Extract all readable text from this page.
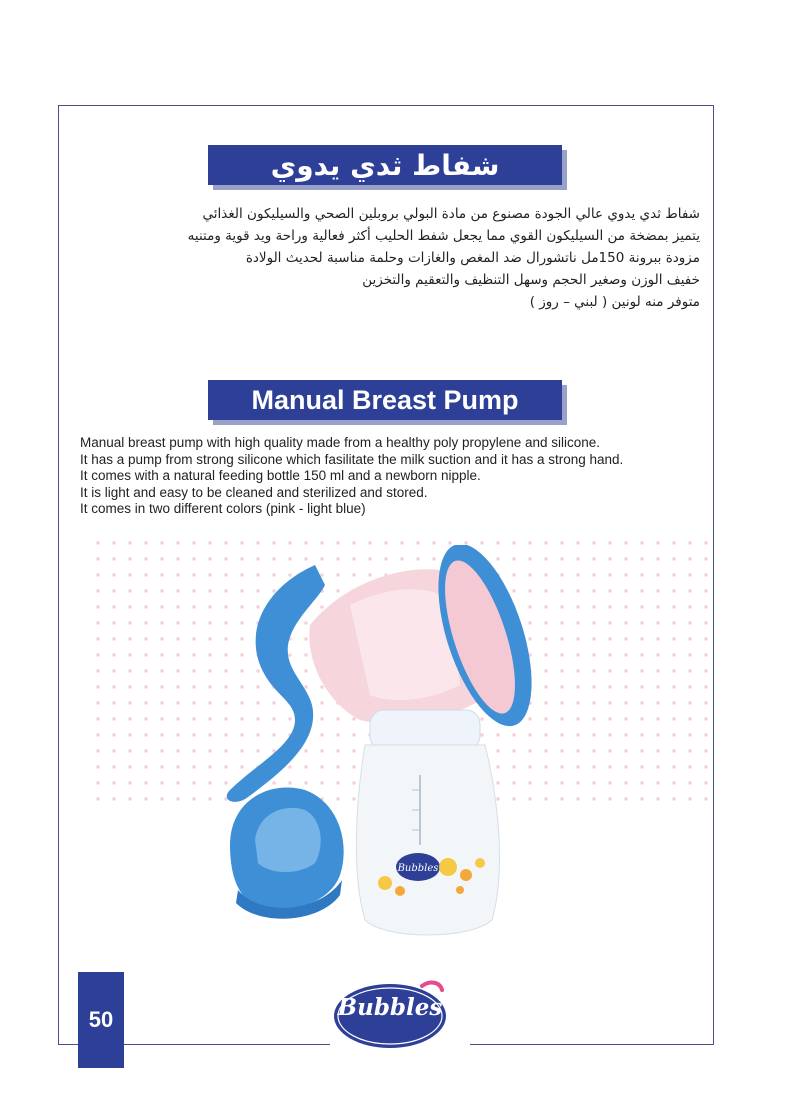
شفاط ثدي يدوي
شفاط ثدي يدوي عالي الجودة مصنوع من مادة البولي بروبلين الصحي والسيليكون الغذائي
يتميز بمضخة من السيليكون القوي مما يجعل شفط الحليب أكثر فعالية وراحة ويد قوية ومتنيه
مزودة ببرونة 150مل ناتشورال ضد المغص والغازات وحلمة مناسبة لحديث الولادة
خفيف الوزن وصغير الحجم وسهل التنظيف والتعقيم والتخزين
متوفر منه لونين ( لبني – روز )
Manual Breast Pump
Manual breast pump with high quality made from a healthy poly propylene and silicone.
It has a pump from strong silicone which fasilitate the milk suction and it has a strong hand.
It comes with a natural feeding bottle 150 ml and a newborn nipple.
It is light and easy to be cleaned and sterilized and stored.
It comes in two different colors (pink - light blue)
Bubbles
50	Bubbles
